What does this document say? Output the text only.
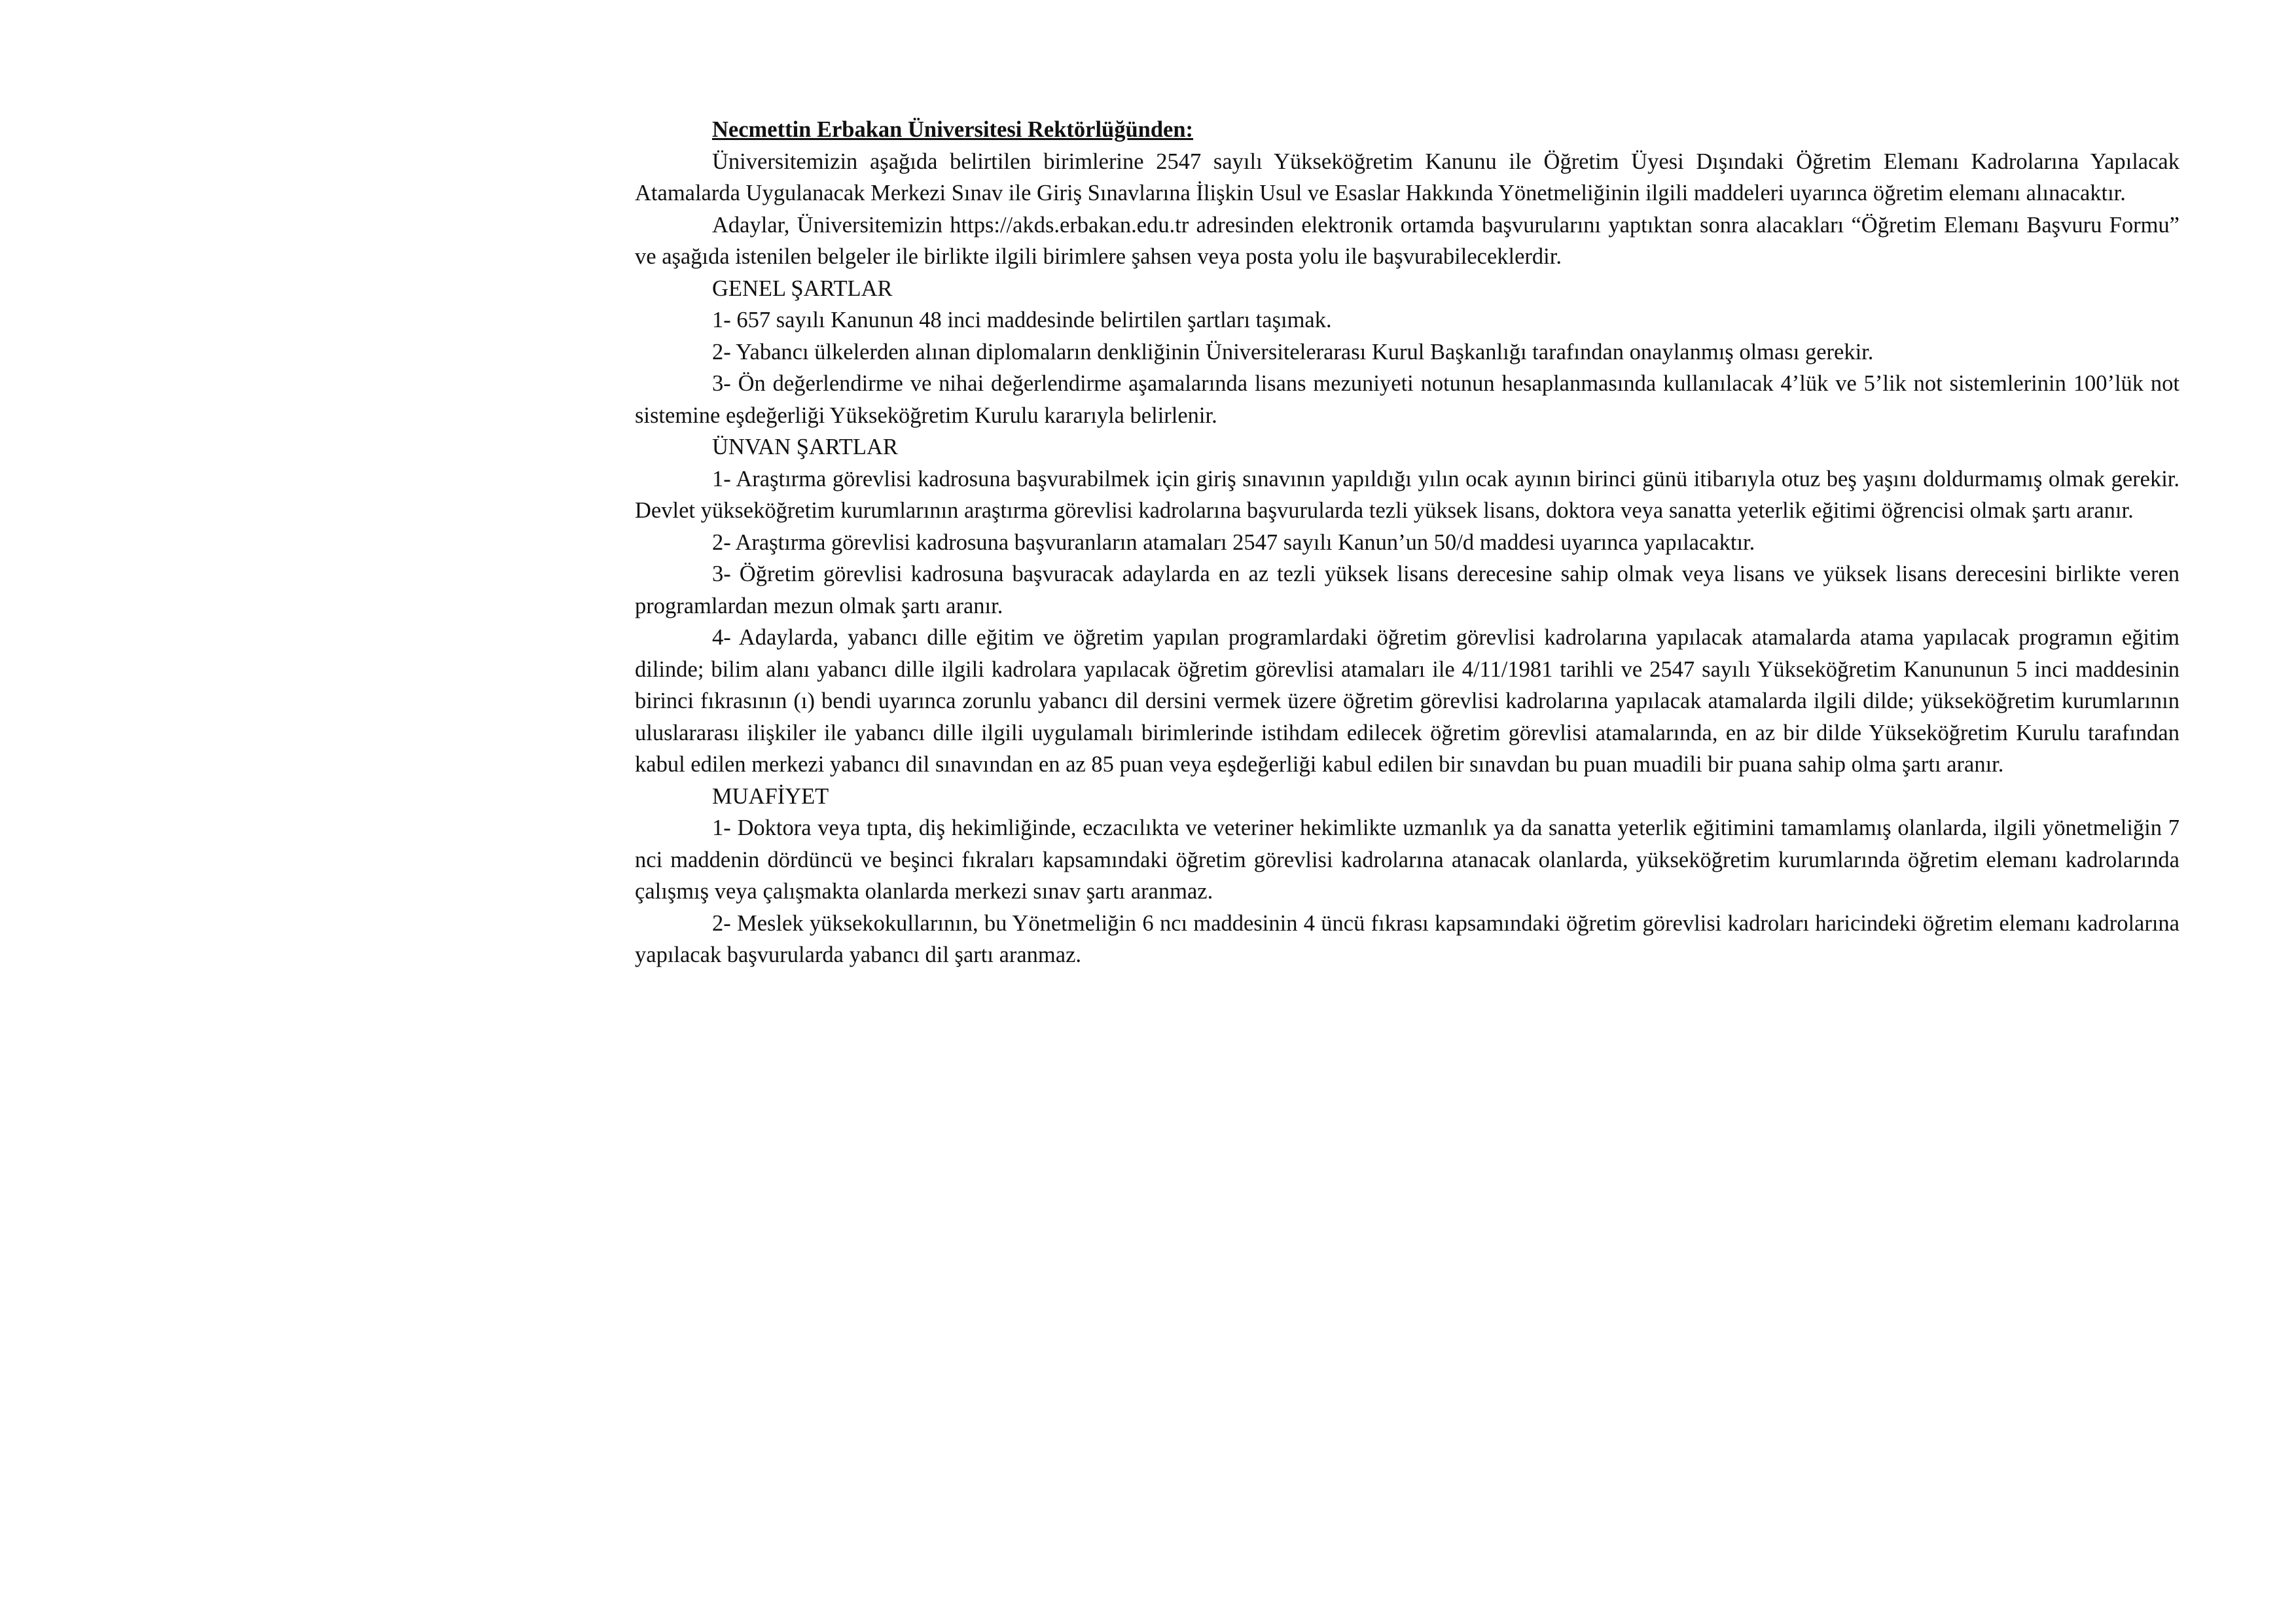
Necmettin Erbakan Üniversitesi Rektörlüğünden:

Üniversitemizin aşağıda belirtilen birimlerine 2547 sayılı Yükseköğretim Kanunu ile Öğretim Üyesi Dışındaki Öğretim Elemanı Kadrolarına Yapılacak Atamalarda Uygulanacak Merkezi Sınav ile Giriş Sınavlarına İlişkin Usul ve Esaslar Hakkında Yönetmeliğinin ilgili maddeleri uyarınca öğretim elemanı alınacaktır.

Adaylar, Üniversitemizin https://akds.erbakan.edu.tr adresinden elektronik ortamda başvurularını yaptıktan sonra alacakları “Öğretim Elemanı Başvuru Formu” ve aşağıda istenilen belgeler ile birlikte ilgili birimlere şahsen veya posta yolu ile başvurabileceklerdir.

GENEL ŞARTLAR

1- 657 sayılı Kanunun 48 inci maddesinde belirtilen şartları taşımak.

2- Yabancı ülkelerden alınan diplomaların denkliğinin Üniversitelerarası Kurul Başkanlığı tarafından onaylanmış olması gerekir.

3- Ön değerlendirme ve nihai değerlendirme aşamalarında lisans mezuniyeti notunun hesaplanmasında kullanılacak 4’lük ve 5’lik not sistemlerinin 100’lük not sistemine eşdeğerliği Yükseköğretim Kurulu kararıyla belirlenir.

ÜNVAN ŞARTLAR

1- Araştırma görevlisi kadrosuna başvurabilmek için giriş sınavının yapıldığı yılın ocak ayının birinci günü itibarıyla otuz beş yaşını doldurmamış olmak gerekir. Devlet yükseköğretim kurumlarının araştırma görevlisi kadrolarına başvurularda tezli yüksek lisans, doktora veya sanatta yeterlik eğitimi öğrencisi olmak şartı aranır.

2- Araştırma görevlisi kadrosuna başvuranların atamaları 2547 sayılı Kanun’un 50/d maddesi uyarınca yapılacaktır.

3- Öğretim görevlisi kadrosuna başvuracak adaylarda en az tezli yüksek lisans derecesine sahip olmak veya lisans ve yüksek lisans derecesini birlikte veren programlardan mezun olmak şartı aranır.

4- Adaylarda, yabancı dille eğitim ve öğretim yapılan programlardaki öğretim görevlisi kadrolarına yapılacak atamalarda atama yapılacak programın eğitim dilinde; bilim alanı yabancı dille ilgili kadrolara yapılacak öğretim görevlisi atamaları ile 4/11/1981 tarihli ve 2547 sayılı Yükseköğretim Kanununun 5 inci maddesinin birinci fıkrasının (ı) bendi uyarınca zorunlu yabancı dil dersini vermek üzere öğretim görevlisi kadrolarına yapılacak atamalarda ilgili dilde; yükseköğretim kurumlarının uluslararası ilişkiler ile yabancı dille ilgili uygulamalı birimlerinde istihdam edilecek öğretim görevlisi atamalarında, en az bir dilde Yükseköğretim Kurulu tarafından kabul edilen merkezi yabancı dil sınavından en az 85 puan veya eşdeğerliği kabul edilen bir sınavdan bu puan muadili bir puana sahip olma şartı aranır.

MUAFİYET

1- Doktora veya tıpta, diş hekimliğinde, eczacılıkta ve veteriner hekimlikte uzmanlık ya da sanatta yeterlik eğitimini tamamlamış olanlarda, ilgili yönetmeliğin 7 nci maddenin dördüncü ve beşinci fıkraları kapsamındaki öğretim görevlisi kadrolarına atanacak olanlarda, yükseköğretim kurumlarında öğretim elemanı kadrolarında çalışmış veya çalışmakta olanlarda merkezi sınav şartı aranmaz.

2- Meslek yüksekokullarının, bu Yönetmeliğin 6 ncı maddesinin 4 üncü fıkrası kapsamındaki öğretim görevlisi kadroları haricindeki öğretim elemanı kadrolarına yapılacak başvurularda yabancı dil şartı aranmaz.
